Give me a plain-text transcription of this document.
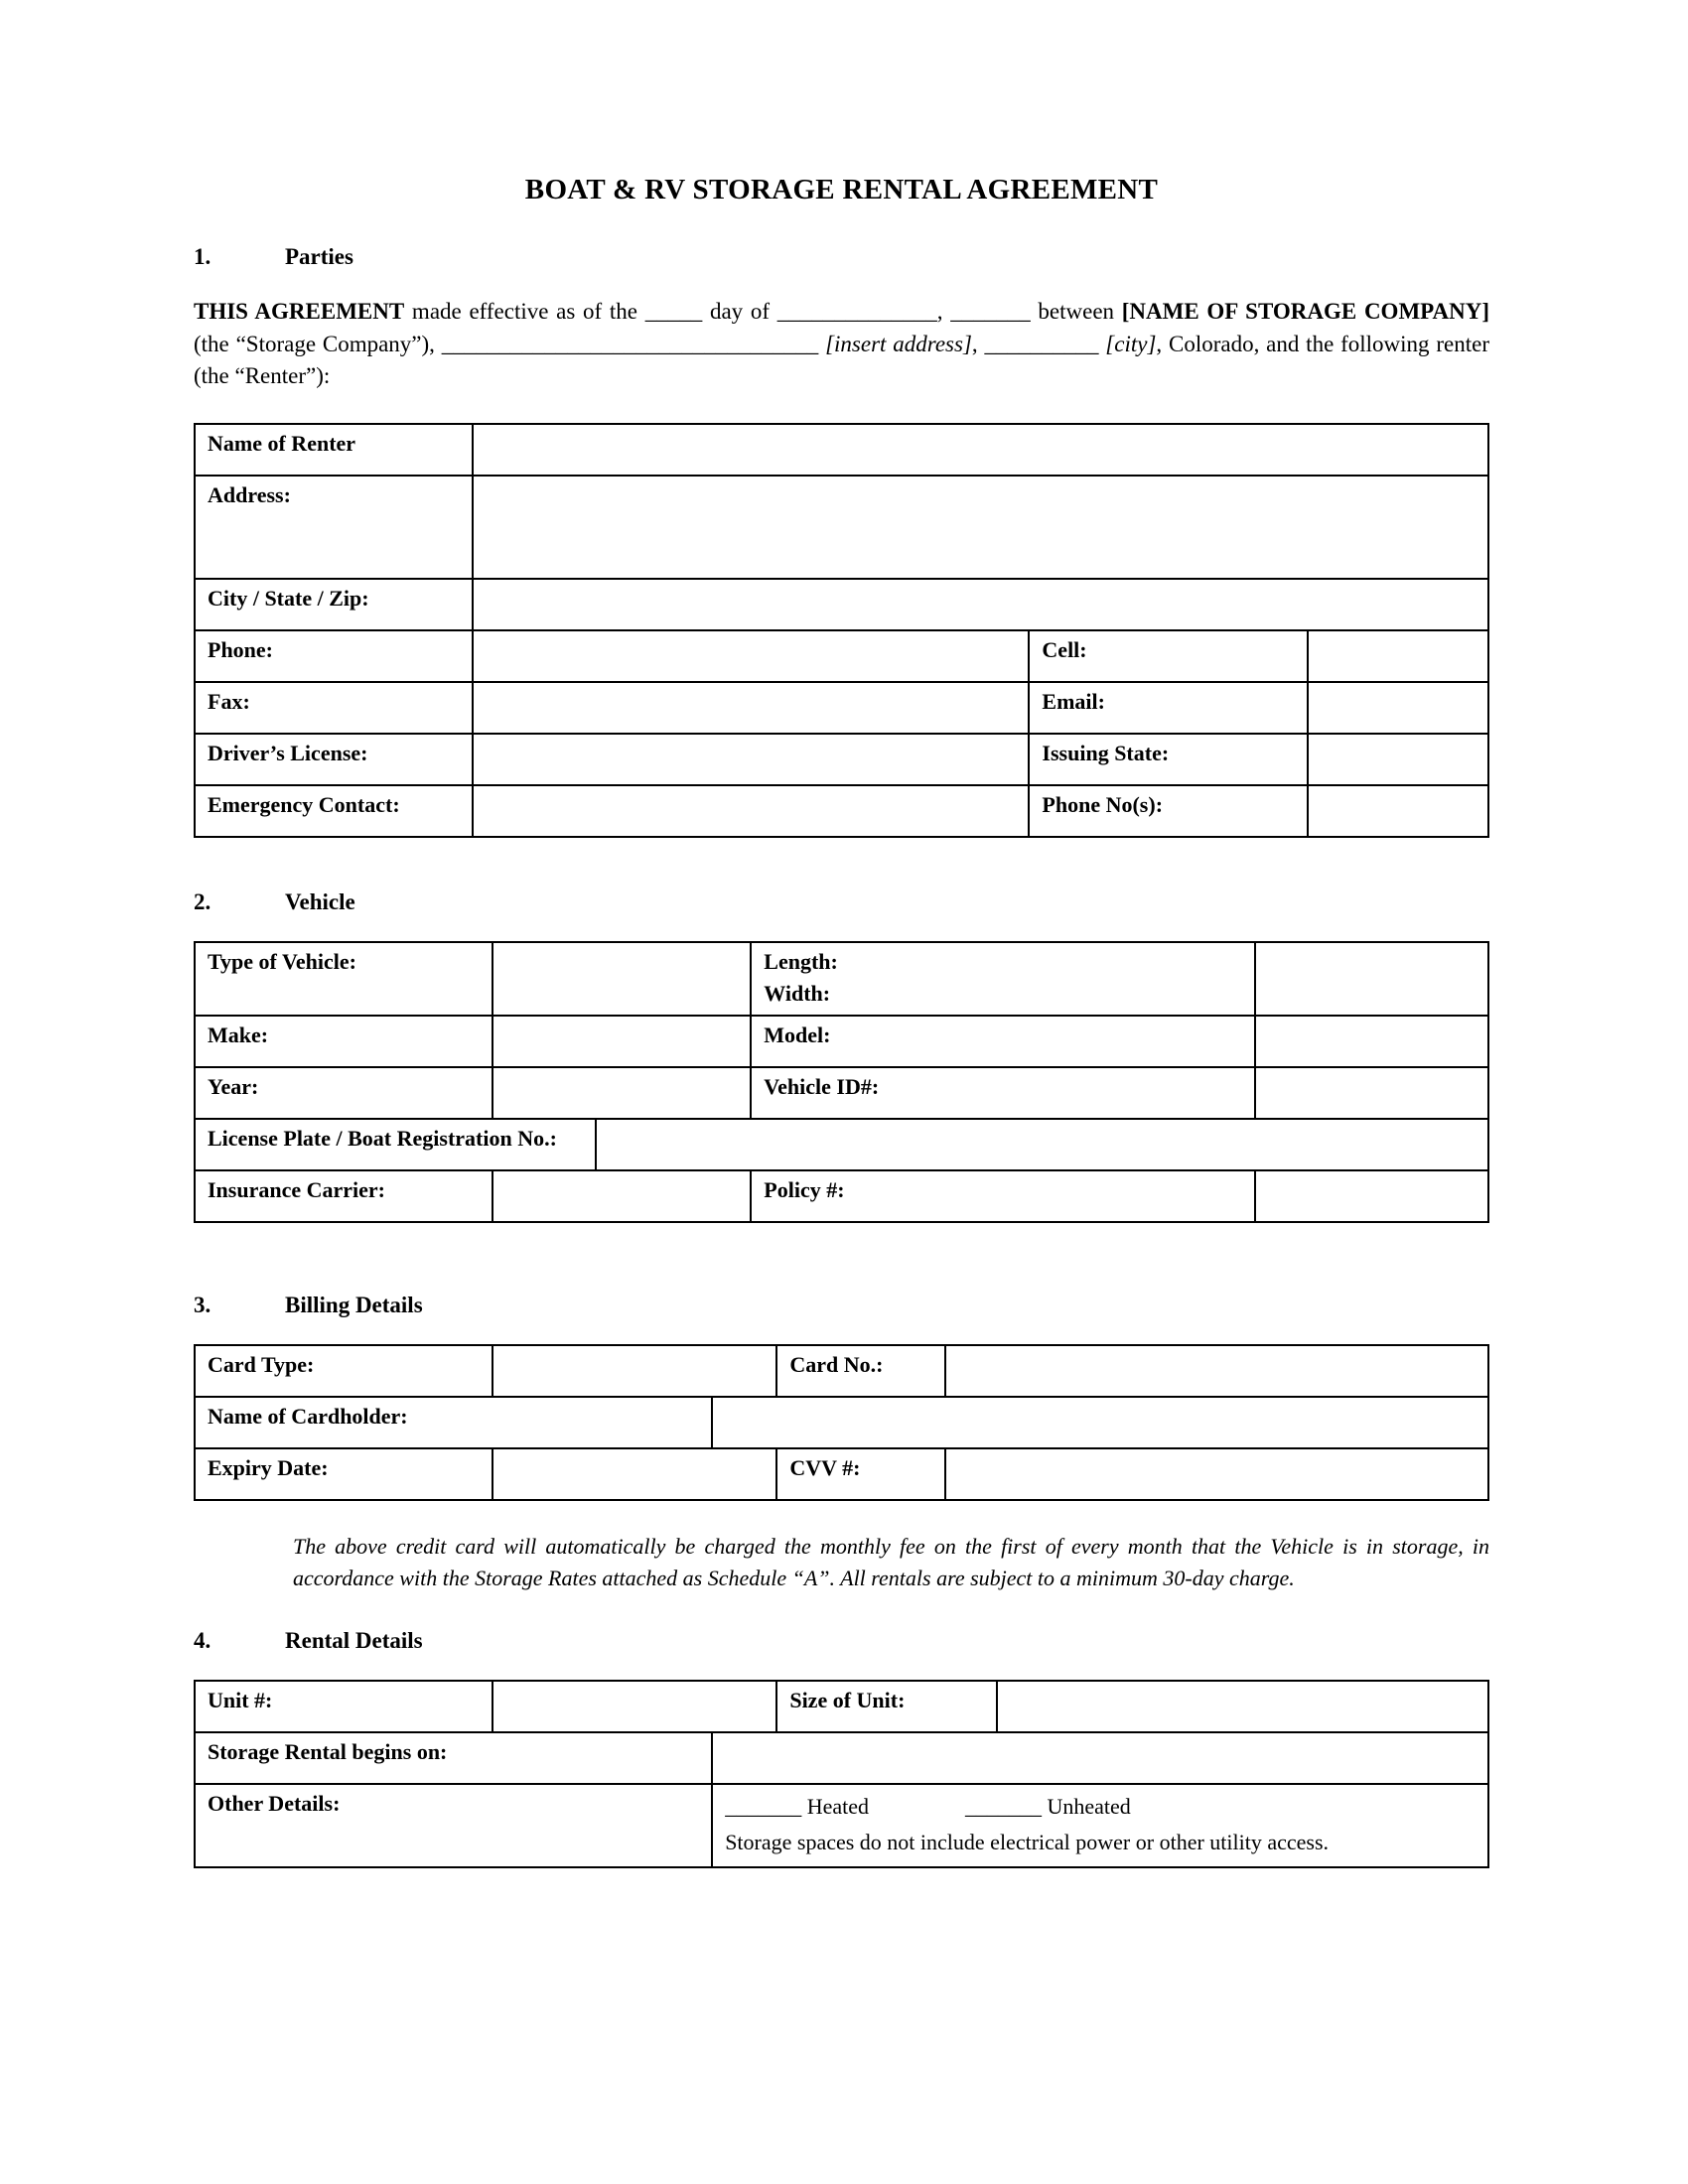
BOAT & RV STORAGE RENTAL AGREEMENT
1.	Parties

THIS AGREEMENT made effective as of the _____ day of ______________, _______ between [NAME OF STORAGE COMPANY] (the “Storage Company”), _________________________________ [insert address], __________ [city], Colorado, and the following renter (the “Renter”):

Name of Renter			
Address:			
City / State / Zip:			
Phone:		Cell:	
Fax:		Email:	
Driver’s License:		Issuing State:	
Emergency Contact:		Phone No(s):	
2.	Vehicle
Type of Vehicle:			Length:
Width:	

Make:			Model:	
Year:			Vehicle ID#:	
License Plate / Boat Registration No.:				
Insurance Carrier:			Policy #:	
3.	Billing Details
Card Type:			Card No.:	
Name of Cardholder:				
Expiry Date:			CVV #:	

The above credit card will automatically be charged the monthly fee on the first of every month that the Vehicle is in storage, in accordance with the Storage Rates attached as Schedule “A”. All rentals are subject to a minimum 30-day charge.

4.	Rental Details
Unit #:			Size of Unit:	
Storage Rental begins on:				
Other Details:		_______ Heated _______ Unheated
Storage spaces do not include electrical power or other utility access.		
